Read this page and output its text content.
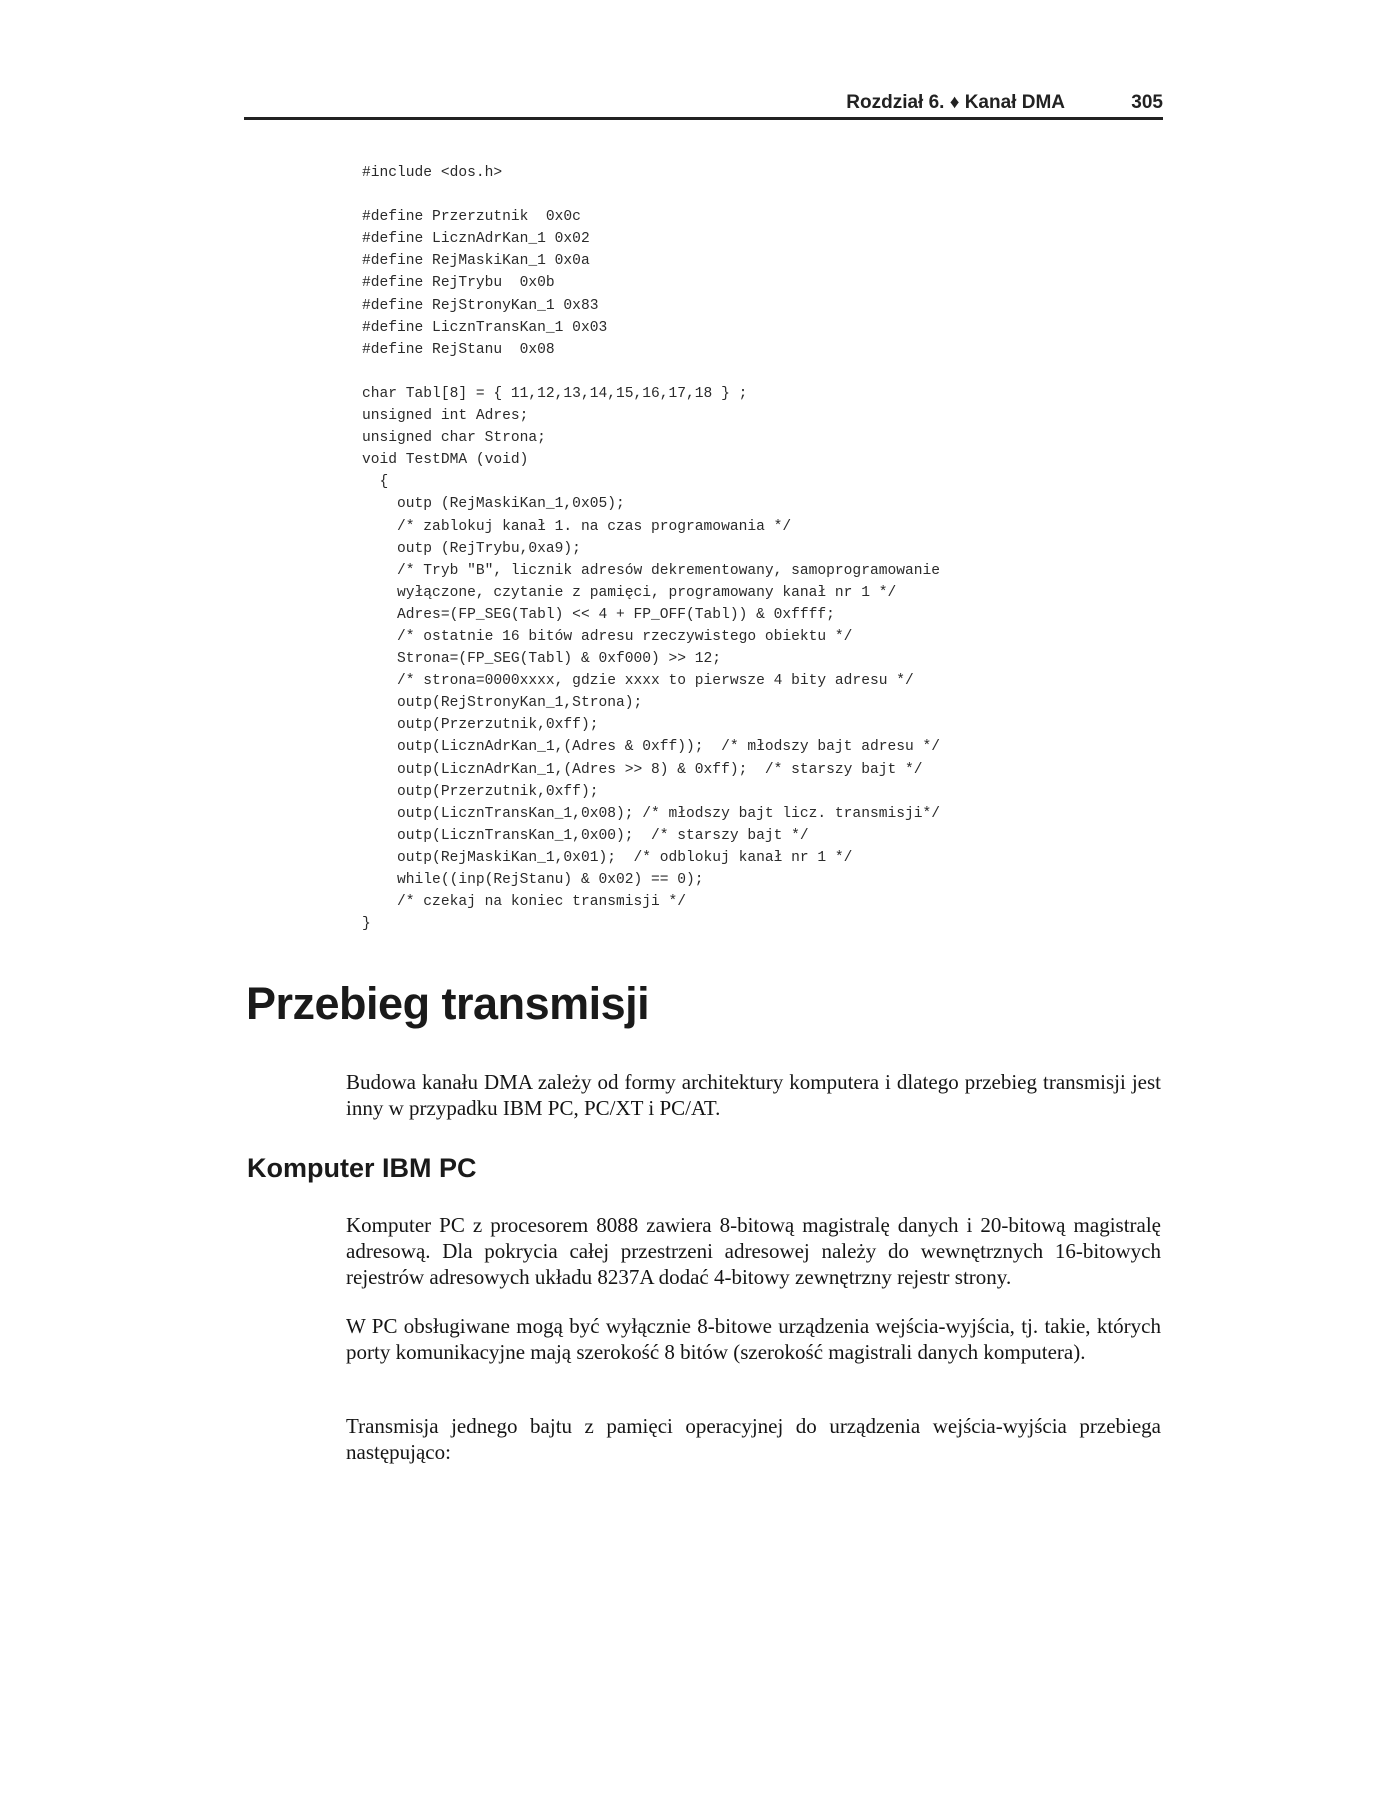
Rozdział 6. ♦ Kanał DMA	305
#include <dos.h>
#define Przerzutnik  0x0c
#define LicznAdrKan_1 0x02
#define RejMaskiKan_1 0x0a
#define RejTrybu  0x0b
#define RejStronyKan_1 0x83
#define LicznTransKan_1 0x03
#define RejStanu  0x08
char Tabl[8] = { 11,12,13,14,15,16,17,18 } ;
unsigned int Adres;
unsigned char Strona;
void TestDMA (void)
{
outp (RejMaskiKan_1,0x05);
/* zablokuj kanał 1. na czas programowania */
outp (RejTrybu,0xa9);
/* Tryb "B", licznik adresów dekrementowany, samoprogramowanie
wyłączone, czytanie z pamięci, programowany kanał nr 1 */
Adres=(FP_SEG(Tabl) << 4 + FP_OFF(Tabl)) & 0xffff;
/* ostatnie 16 bitów adresu rzeczywistego obiektu */
Strona=(FP_SEG(Tabl) & 0xf000) >> 12;
/* strona=0000xxxx, gdzie xxxx to pierwsze 4 bity adresu */
outp(RejStronyKan_1,Strona);
outp(Przerzutnik,0xff);
outp(LicznAdrKan_1,(Adres & 0xff));  /* młodszy bajt adresu */
outp(LicznAdrKan_1,(Adres >> 8) & 0xff);  /* starszy bajt */
outp(Przerzutnik,0xff);
outp(LicznTransKan_1,0x08); /* młodszy bajt licz. transmisji*/
outp(LicznTransKan_1,0x00);  /* starszy bajt */
outp(RejMaskiKan_1,0x01);  /* odblokuj kanał nr 1 */
while((inp(RejStanu) & 0x02) == 0);
/* czekaj na koniec transmisji */
}
Przebieg transmisji

Budowa kanału DMA zależy od formy architektury komputera i dlatego przebieg transmisji jest inny w przypadku IBM PC, PC/XT i PC/AT.

Komputer IBM PC

Komputer PC z procesorem 8088 zawiera 8-bitową magistralę danych i 20-bitową magistralę adresową. Dla pokrycia całej przestrzeni adresowej należy do wewnętrznych 16-bitowych rejestrów adresowych układu 8237A dodać 4-bitowy zewnętrzny rejestr strony.

W PC obsługiwane mogą być wyłącznie 8-bitowe urządzenia wejścia-wyjścia, tj. takie, których porty komunikacyjne mają szerokość 8 bitów (szerokość magistrali danych komputera).

Transmisja jednego bajtu z pamięci operacyjnej do urządzenia wejścia-wyjścia przebiega następująco:
